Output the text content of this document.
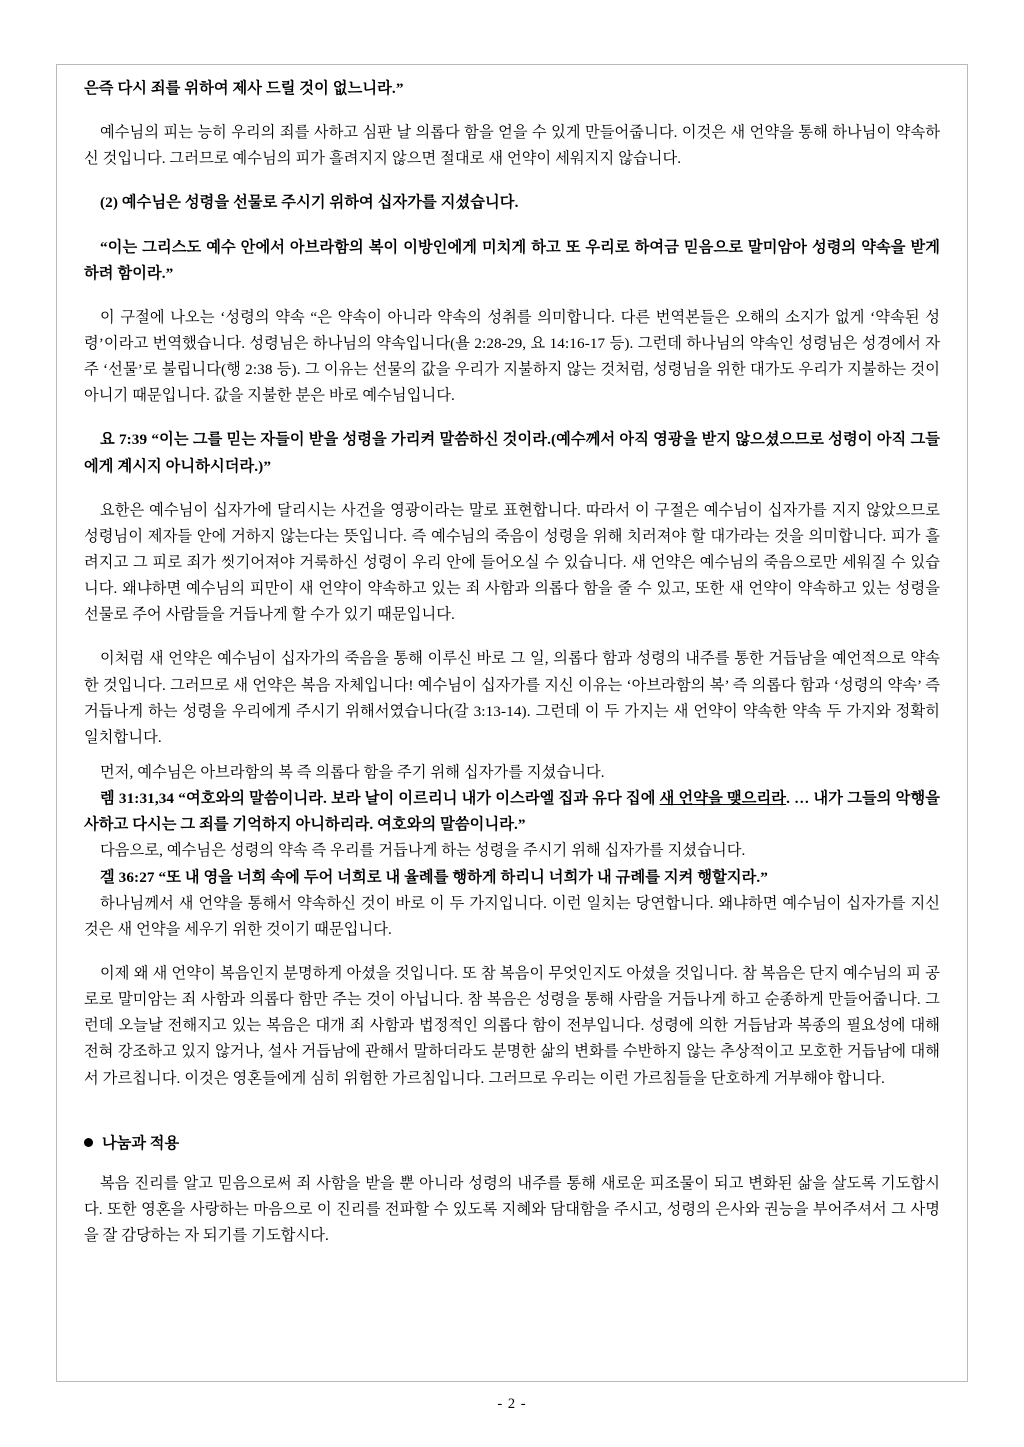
은즉 다시 죄를 위하여 제사 드릴 것이 없느니라.”

예수님의 피는 능히 우리의 죄를 사하고 심판 날 의롭다 함을 얻을 수 있게 만들어줍니다. 이것은 새 언약을 통해 하나님이 약속하신 것입니다. 그러므로 예수님의 피가 흘려지지 않으면 절대로 새 언약이 세워지지 않습니다.

(2) 예수님은 성령을 선물로 주시기 위하여 십자가를 지셨습니다.

“이는 그리스도 예수 안에서 아브라함의 복이 이방인에게 미치게 하고 또 우리로 하여금 믿음으로 말미암아 성령의 약속을 받게 하려 함이라.”

이 구절에 나오는 ‘성령의 약속 “은 약속이 아니라 약속의 성취를 의미합니다. 다른 번역본들은 오해의 소지가 없게 ‘약속된 성령’이라고 번역했습니다. 성령님은 하나님의 약속입니다(욜 2:28-29, 요 14:16-17 등). 그런데 하나님의 약속인 성령님은 성경에서 자주 ‘선물’로 불립니다(행 2:38 등). 그 이유는 선물의 값을 우리가 지불하지 않는 것처럼, 성령님을 위한 대가도 우리가 지불하는 것이 아니기 때문입니다. 값을 지불한 분은 바로 예수님입니다.

요 7:39 “이는 그를 믿는 자들이 받을 성령을 가리켜 말씀하신 것이라.(예수께서 아직 영광을 받지 않으셨으므로 성령이 아직 그들에게 계시지 아니하시더라.)”

요한은 예수님이 십자가에 달리시는 사건을 영광이라는 말로 표현합니다. 따라서 이 구절은 예수님이 십자가를 지지 않았으므로 성령님이 제자들 안에 거하지 않는다는 뜻입니다. 즉 예수님의 죽음이 성령을 위해 치러져야 할 대가라는 것을 의미합니다. 피가 흘려지고 그 피로 죄가 씻기어져야 거룩하신 성령이 우리 안에 들어오실 수 있습니다. 새 언약은 예수님의 죽음으로만 세워질 수 있습니다. 왜냐하면 예수님의 피만이 새 언약이 약속하고 있는 죄 사함과 의롭다 함을 줄 수 있고, 또한 새 언약이 약속하고 있는 성령을 선물로 주어 사람들을 거듭나게 할 수가 있기 때문입니다.

이처럼 새 언약은 예수님이 십자가의 죽음을 통해 이루신 바로 그 일, 의롭다 함과 성령의 내주를 통한 거듭남을 예언적으로 약속한 것입니다. 그러므로 새 언약은 복음 자체입니다! 예수님이 십자가를 지신 이유는 ‘아브라함의 복’ 즉 의롭다 함과 ‘성령의 약속’ 즉 거듭나게 하는 성령을 우리에게 주시기 위해서였습니다(갈 3:13-14). 그런데 이 두 가지는 새 언약이 약속한 약속 두 가지와 정확히 일치합니다.

먼저, 예수님은 아브라함의 복 즉 의롭다 함을 주기 위해 십자가를 지셨습니다.

렘 31:31,34 “여호와의 말씀이니라. 보라 날이 이르리니 내가 이스라엘 집과 유다 집에 새 언약을 맺으리라. … 내가 그들의 악행을 사하고 다시는 그 죄를 기억하지 아니하리라. 여호와의 말씀이니라.”

다음으로, 예수님은 성령의 약속 즉 우리를 거듭나게 하는 성령을 주시기 위해 십자가를 지셨습니다.

겔 36:27 “또 내 영을 너희 속에 두어 너희로 내 율례를 행하게 하리니 너희가 내 규례를 지켜 행할지라.”

하나님께서 새 언약을 통해서 약속하신 것이 바로 이 두 가지입니다. 이런 일치는 당연합니다. 왜냐하면 예수님이 십자가를 지신 것은 새 언약을 세우기 위한 것이기 때문입니다.

이제 왜 새 언약이 복음인지 분명하게 아셨을 것입니다. 또 참 복음이 무엇인지도 아셨을 것입니다. 참 복음은 단지 예수님의 피 공로로 말미암는 죄 사함과 의롭다 함만 주는 것이 아닙니다. 참 복음은 성령을 통해 사람을 거듭나게 하고 순종하게 만들어줍니다. 그런데 오늘날 전해지고 있는 복음은 대개 죄 사함과 법정적인 의롭다 함이 전부입니다. 성령에 의한 거듭남과 복종의 필요성에 대해 전혀 강조하고 있지 않거나, 설사 거듭남에 관해서 말하더라도 분명한 삶의 변화를 수반하지 않는 추상적이고 모호한 거듭남에 대해서 가르칩니다. 이것은 영혼들에게 심히 위험한 가르침입니다. 그러므로 우리는 이런 가르침들을 단호하게 거부해야 합니다.

나눔과 적용

복음 진리를 알고 믿음으로써 죄 사함을 받을 뿐 아니라 성령의 내주를 통해 새로운 피조물이 되고 변화된 삶을 살도록 기도합시다. 또한 영혼을 사랑하는 마음으로 이 진리를 전파할 수 있도록 지혜와 담대함을 주시고, 성령의 은사와 권능을 부어주셔서 그 사명을 잘 감당하는 자 되기를 기도합시다.

- 2 -
